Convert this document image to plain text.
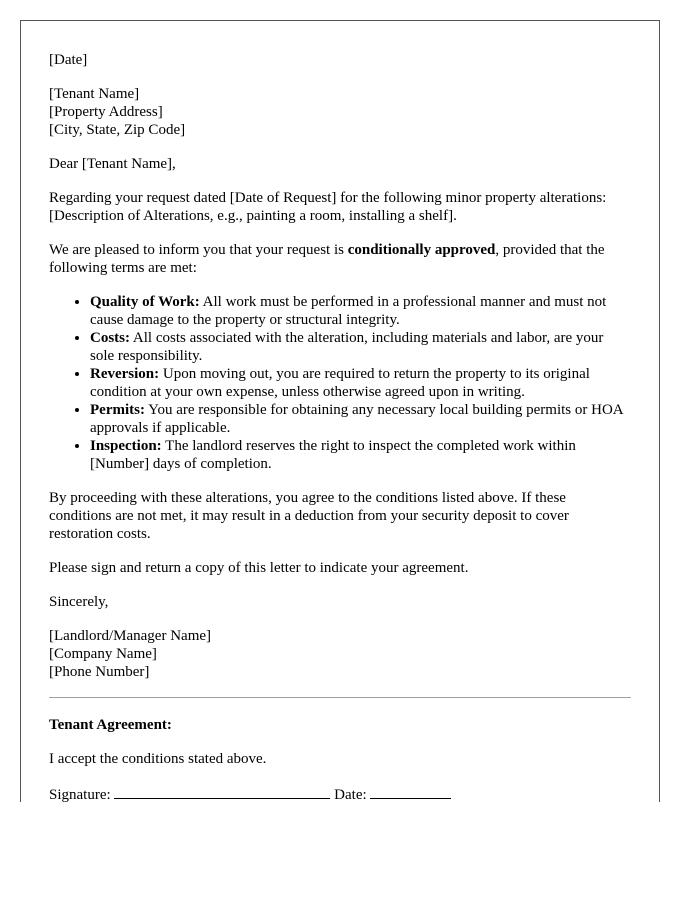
[Date]

[Tenant Name]

[Property Address]

[City, State, Zip Code]

Dear [Tenant Name],

Regarding your request dated [Date of Request] for the following minor property alterations: [Description of Alterations, e.g., painting a room, installing a shelf].

We are pleased to inform you that your request is conditionally approved, provided that the following terms are met:

• Quality of Work: All work must be performed in a professional manner and must not cause damage to the property or structural integrity.
• Costs: All costs associated with the alteration, including materials and labor, are your sole responsibility.
• Reversion: Upon moving out, you are required to return the property to its original condition at your own expense, unless otherwise agreed upon in writing.
• Permits: You are responsible for obtaining any necessary local building permits or HOA approvals if applicable.
• Inspection: The landlord reserves the right to inspect the completed work within [Number] days of completion.

By proceeding with these alterations, you agree to the conditions listed above. If these conditions are not met, it may result in a deduction from your security deposit to cover restoration costs.

Please sign and return a copy of this letter to indicate your agreement.

Sincerely,

[Landlord/Manager Name]

[Company Name]

[Phone Number]

Tenant Agreement:

I accept the conditions stated above.

Signature:	Date:
